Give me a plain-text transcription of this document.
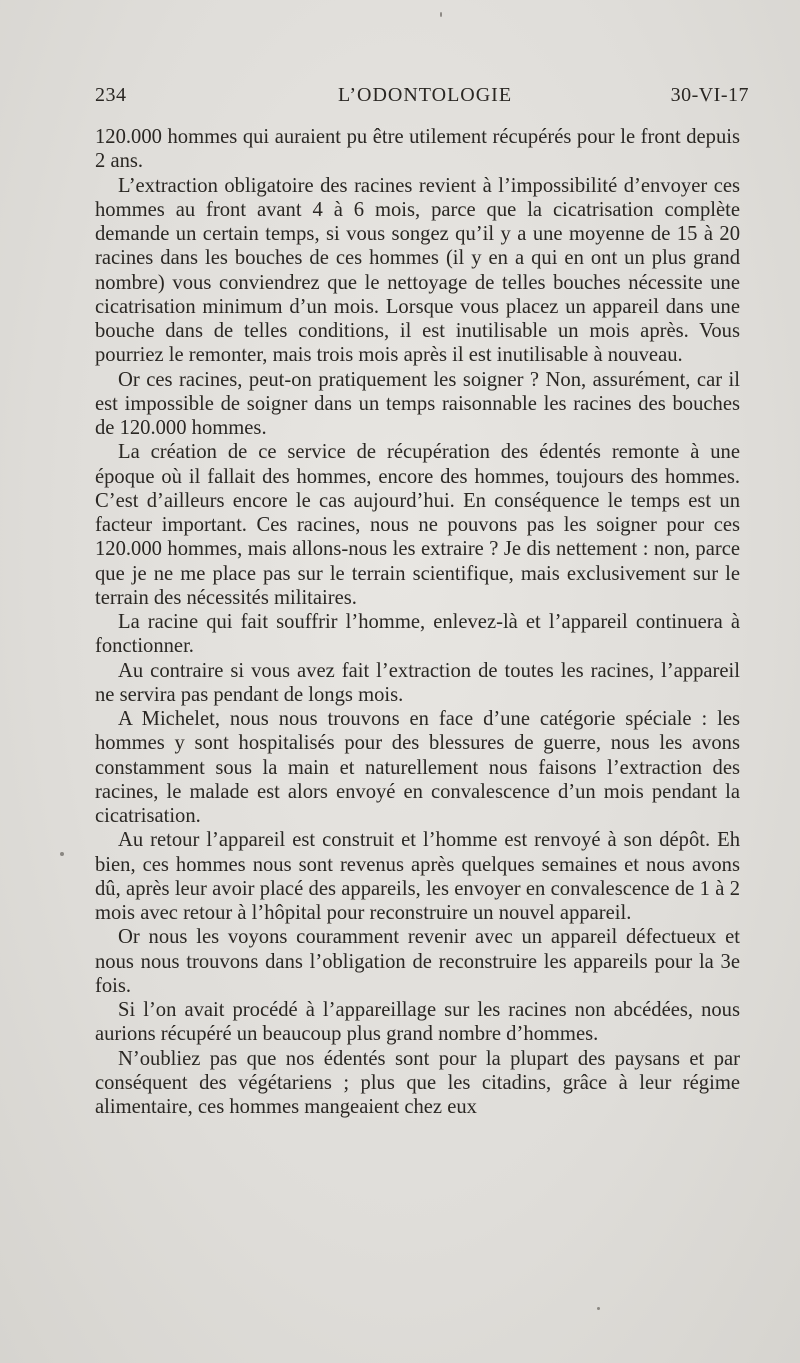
234	L’ODONTOLOGIE	30-VI-17

120.000 hommes qui auraient pu être utilement récupérés pour le front depuis 2 ans.

L’extraction obligatoire des racines revient à l’impossibilité d’envoyer ces hommes au front avant 4 à 6 mois, parce que la cicatrisation complète demande un certain temps, si vous songez qu’il y a une moyenne de 15 à 20 racines dans les bouches de ces hommes (il y en a qui en ont un plus grand nombre) vous conviendrez que le nettoyage de telles bouches nécessite une cicatrisation minimum d’un mois. Lorsque vous placez un appareil dans une bouche dans de telles conditions, il est inutilisable un mois après. Vous pourriez le remonter, mais trois mois après il est inutilisable à nouveau.

Or ces racines, peut-on pratiquement les soigner ? Non, assurément, car il est impossible de soigner dans un temps raisonnable les racines des bouches de 120.000 hommes.

La création de ce service de récupération des édentés remonte à une époque où il fallait des hommes, encore des hommes, toujours des hommes. C’est d’ailleurs encore le cas aujourd’hui. En conséquence le temps est un facteur important. Ces racines, nous ne pouvons pas les soigner pour ces 120.000 hommes, mais allons-nous les extraire ? Je dis nettement : non, parce que je ne me place pas sur le terrain scientifique, mais exclusivement sur le terrain des nécessités militaires.

La racine qui fait souffrir l’homme, enlevez-là et l’appareil continuera à fonctionner.

Au contraire si vous avez fait l’extraction de toutes les racines, l’appareil ne servira pas pendant de longs mois.

A Michelet, nous nous trouvons en face d’une catégorie spéciale : les hommes y sont hospitalisés pour des blessures de guerre, nous les avons constamment sous la main et naturellement nous faisons l’extraction des racines, le malade est alors envoyé en convalescence d’un mois pendant la cicatrisation.

Au retour l’appareil est construit et l’homme est renvoyé à son dépôt. Eh bien, ces hommes nous sont revenus après quelques semaines et nous avons dû, après leur avoir placé des appareils, les envoyer en convalescence de 1 à 2 mois avec retour à l’hôpital pour reconstruire un nouvel appareil.

Or nous les voyons couramment revenir avec un appareil défectueux et nous nous trouvons dans l’obligation de reconstruire les appareils pour la 3e fois.

Si l’on avait procédé à l’appareillage sur les racines non abcédées, nous aurions récupéré un beaucoup plus grand nombre d’hommes.

N’oubliez pas que nos édentés sont pour la plupart des paysans et par conséquent des végétariens ; plus que les citadins, grâce à leur régime alimentaire, ces hommes mangeaient chez eux
